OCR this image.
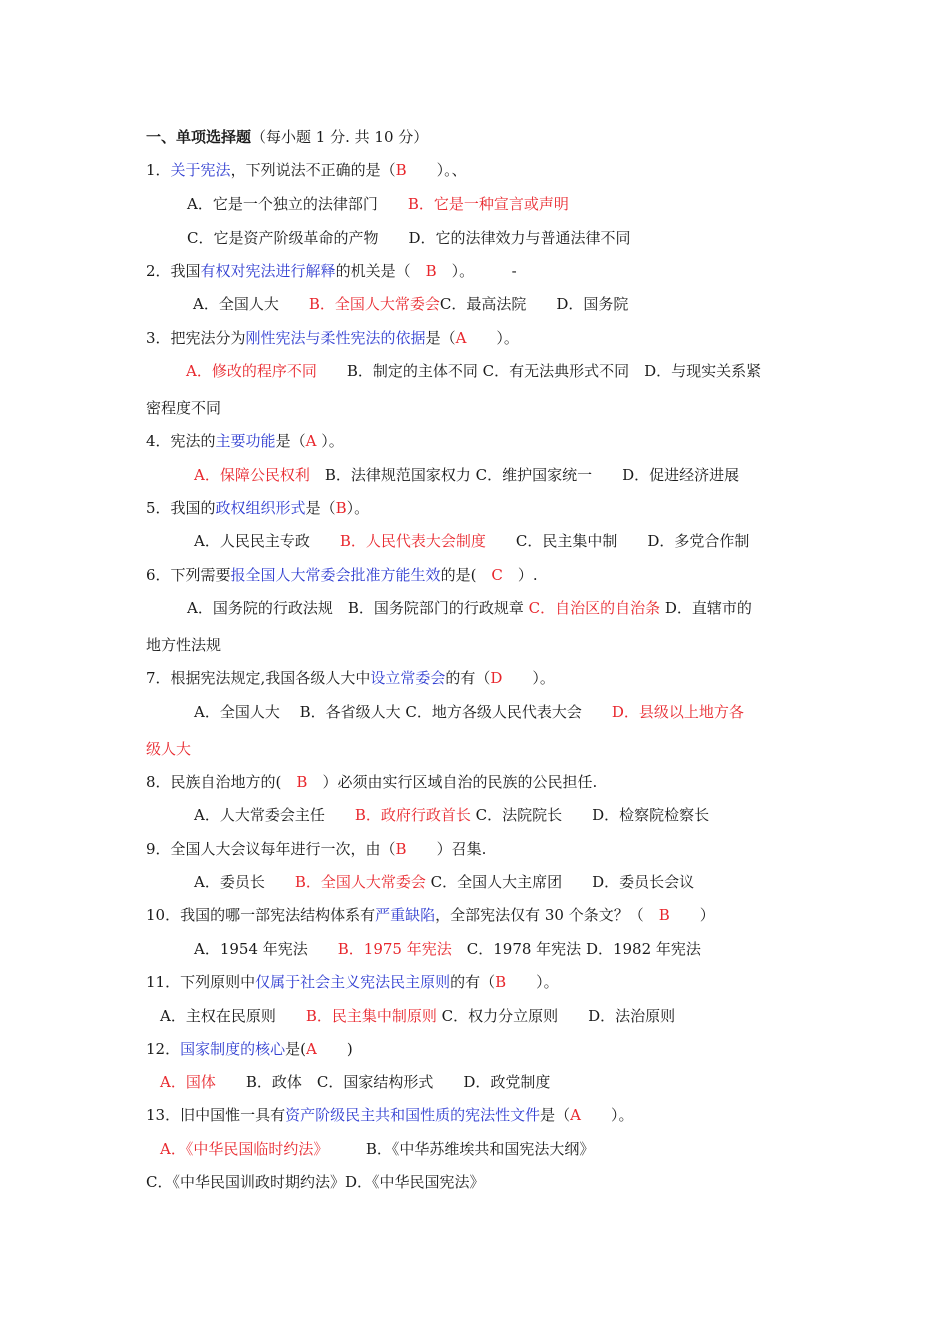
一、单项选择题（每小题 1 分. 共 10 分）
1．关于宪法，下列说法不正确的是（B　　）。、
A．它是一个独立的法律部门　　B．它是一种宣言或声明
C．它是资产阶级革命的产物　　D．它的法律效力与普通法律不同
2．我国有权对宪法进行解释的机关是（　B　）。　　　-
A．全国人大　　B．全国人大常委会C．最高法院　　D．国务院
3．把宪法分为刚性宪法与柔性宪法的依据是（A　　）。
A．修改的程序不同　　B．制定的主体不同 C．有无法典形式不同　D．与现实关系紧
密程度不同
4．宪法的主要功能是（A ）。
A．保障公民权利　B．法律规范国家权力 C．维护国家统一　　D．促进经济进展
5．我国的政权组织形式是（B）。
A．人民民主专政　　B．人民代表大会制度　　C．民主集中制　　D．多党合作制
6．下列需要报全国人大常委会批准方能生效的是(　C　）.
A．国务院的行政法规　B．国务院部门的行政规章 C．自治区的自治条 D．直辖市的
地方性法规
7．根据宪法规定,我国各级人大中设立常委会的有（D　　）。
A．全国人大　 B．各省级人大 C．地方各级人民代表大会　　D．县级以上地方各
级人大
8．民族自治地方的(　B　）必须由实行区域自治的民族的公民担任.
A．人大常委会主任　　B．政府行政首长 C．法院院长　　D．检察院检察长
9．全国人大会议每年进行一次，由（B　　）召集.
A．委员长　　B．全国人大常委会 C．全国人大主席团　　D．委员长会议
10．我国的哪一部宪法结构体系有严重缺陷，全部宪法仅有 30 个条文？（　B　　）
A．1954 年宪法　　B．1975 年宪法　C．1978 年宪法 D．1982 年宪法
11．下列原则中仅属于社会主义宪法民主原则的有（B　　）。
A．主权在民原则　　B．民主集中制原则 C．权力分立原则　　D．法治原则
12．国家制度的核心是(A　　)
A．国体　　B．政体　C．国家结构形式　　D．政党制度
13．旧中国惟一具有资产阶级民主共和国性质的宪法性文件是（A　　）。
A．《中华民国临时约法》　　　B．《中华苏维埃共和国宪法大纲》
C．《中华民国训政时期约法》D．《中华民国宪法》
